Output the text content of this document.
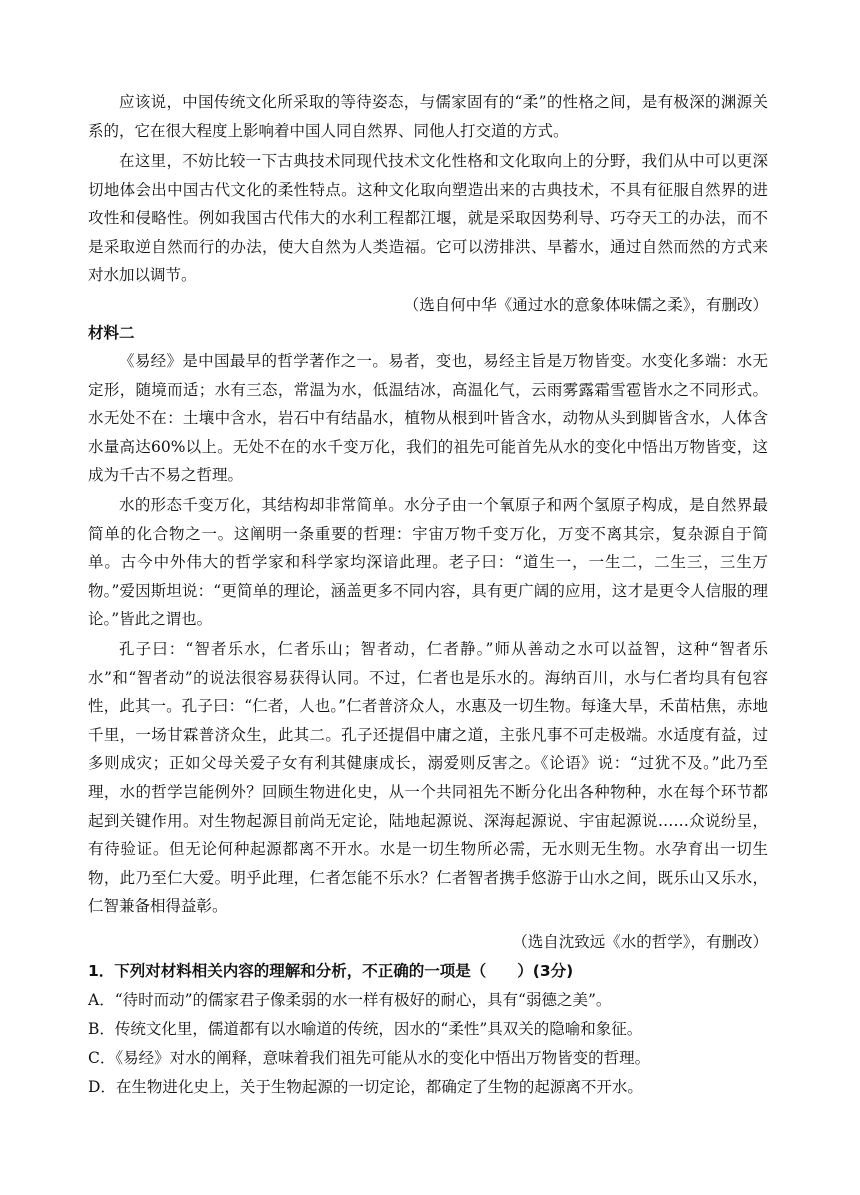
应该说，中国传统文化所采取的等待姿态，与儒家固有的“柔”的性格之间，是有极深的渊源关系的，它在很大程度上影响着中国人同自然界、同他人打交道的方式。

在这里，不妨比较一下古典技术同现代技术文化性格和文化取向上的分野，我们从中可以更深切地体会出中国古代文化的柔性特点。这种文化取向塑造出来的古典技术，不具有征服自然界的进攻性和侵略性。例如我国古代伟大的水利工程都江堰，就是采取因势利导、巧夺天工的办法，而不是采取逆自然而行的办法，使大自然为人类造福。它可以涝排洪、旱蓄水，通过自然而然的方式来对水加以调节。

（选自何中华《通过水的意象体味儒之柔》，有删改）

材料二

《易经》是中国最早的哲学著作之一。易者，变也，易经主旨是万物皆变。水变化多端：水无定形，随境而适；水有三态，常温为水，低温结冰，高温化气，云雨雾露霜雪雹皆水之不同形式。水无处不在：土壤中含水，岩石中有结晶水，植物从根到叶皆含水，动物从头到脚皆含水，人体含水量高达60%以上。无处不在的水千变万化，我们的祖先可能首先从水的变化中悟出万物皆变，这成为千古不易之哲理。

水的形态千变万化，其结构却非常简单。水分子由一个氧原子和两个氢原子构成，是自然界最简单的化合物之一。这阐明一条重要的哲理：宇宙万物千变万化，万变不离其宗，复杂源自于简单。古今中外伟大的哲学家和科学家均深谙此理。老子曰：“道生一，一生二，二生三，三生万物。”爱因斯坦说：“更简单的理论，涵盖更多不同内容，具有更广阔的应用，这才是更令人信服的理论。”皆此之谓也。

孔子曰：“智者乐水，仁者乐山；智者动，仁者静。”师从善动之水可以益智，这种“智者乐水”和“智者动”的说法很容易获得认同。不过，仁者也是乐水的。海纳百川，水与仁者均具有包容性，此其一。孔子曰：“仁者，人也。”仁者普济众人，水惠及一切生物。每逢大旱，禾苗枯焦，赤地千里，一场甘霖普济众生，此其二。孔子还提倡中庸之道，主张凡事不可走极端。水适度有益，过多则成灾；正如父母关爱子女有利其健康成长，溺爱则反害之。《论语》说：“过犹不及。”此乃至理，水的哲学岂能例外？回顾生物进化史，从一个共同祖先不断分化出各种物种，水在每个环节都起到关键作用。对生物起源目前尚无定论，陆地起源说、深海起源说、宇宙起源说……众说纷呈，有待验证。但无论何种起源都离不开水。水是一切生物所必需，无水则无生物。水孕育出一切生物，此乃至仁大爱。明乎此理，仁者怎能不乐水？仁者智者携手悠游于山水之间，既乐山又乐水，仁智兼备相得益彰。

（选自沈致远《水的哲学》，有删改）

1．下列对材料相关内容的理解和分析，不正确的一项是（　　）(3分)

A．“待时而动”的儒家君子像柔弱的水一样有极好的耐心，具有“弱德之美”。

B．传统文化里，儒道都有以水喻道的传统，因水的“柔性”具双关的隐喻和象征。

C．《易经》对水的阐释，意味着我们祖先可能从水的变化中悟出万物皆变的哲理。

D．在生物进化史上，关于生物起源的一切定论，都确定了生物的起源离不开水。
